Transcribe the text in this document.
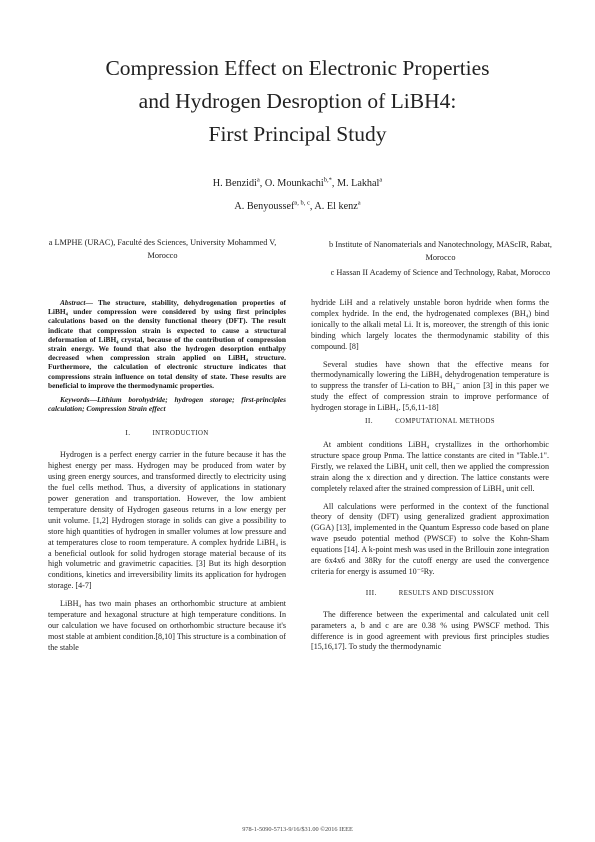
Compression Effect on Electronic Properties
and Hydrogen Desroption of LiBH4:
First Principal Study
H. Benzidi$^a$, O. Mounkachi$^{b,*}$, M. Lakhal$^a$
A. Benyoussef$^{a, b, c}$, A. El kenz$^a$
a LMPHE (URAC), Faculté des Sciences, University Mohammed V, Morocco
b Institute of Nanomaterials and Nanotechnology, MAScIR, Rabat, Morocco
c Hassan II Academy of Science and Technology, Rabat, Morocco

Abstract— The structure, stability, dehydrogenation properties of LiBH₄ under compression were considered by using first principles calculations based on the density functional theory (DFT). The result indicate that compression strain is expected to cause a structural deformation of LiBH₄ crystal, because of the contribution of compression strain energy. We found that also the hydrogen desorption enthalpy decreased when compression strain applied on LiBH₄ structure. Furthermore, the calculation of electronic structure indicates that compressions strain influence on total density of state. These results are beneficial to improve the thermodynamic properties.

Keywords—Lithium borohydride; hydrogen storage; first-principles calculation; Compression Strain effect

I.	INTRODUCTION

Hydrogen is a perfect energy carrier in the future because it has the highest energy per mass. Hydrogen may be produced from water by using green energy sources, and transformed directly to electricity using the fuel cells method. Thus, a diversity of applications in stationary power generation and transportation. However, the low ambient temperature density of Hydrogen gaseous returns in a low energy per unit volume. [1,2] Hydrogen storage in solids can give a possibility to store high quantities of hydrogen in smaller volumes at low pressure and at temperatures close to room temperature. A complex hydride LiBH₄ is a beneficial outlook for solid hydrogen storage material because of its high volumetric and gravimetric capacities. [3] But its high desorption conditions, kinetics and irreversibility limits its application for hydrogen storage. [4-7]

LiBH₄ has two main phases an orthorhombic structure at ambient temperature and hexagonal structure at high temperature conditions. In our calculation we have focused on orthorhombic structure because it's most stable at ambient condition.[8,10] This structure is a combination of the stable

hydride LiH and a relatively unstable boron hydride when forms the complex hydride. In the end, the hydrogenated complexes (BH₄) bind ionically to the alkali metal Li. It is, moreover, the strength of this ionic binding which largely locates the thermodynamic stability of this compound. [8]

Several studies have shown that the effective means for thermodynamically lowering the LiBH₄ dehydrogenation temperature is to suppress the transfer of Li-cation to BH₄⁻ anion [3] in this paper we study the effect of compression strain to improve performance of hydrogen storage in LiBH₄. [5,6,11-18]

II.	COMPUTATIONAL METHODS

At ambient conditions LiBH₄ crystallizes in the orthorhombic structure space group Pnma. The lattice constants are cited in "Table.1". Firstly, we relaxed the LiBH₄ unit cell, then we applied the compression strain along the x direction and y direction. The lattice constants were completely relaxed after the strained compression of LiBH₄ unit cell.

All calculations were performed in the context of the functional theory of density (DFT) using generalized gradient approximation (GGA) [13], implemented in the Quantum Espresso code based on plane wave pseudo potential method (PWSCF) to solve the Kohn-Sham equations [14]. A k-point mesh was used in the Brillouin zone integration are 6x4x6 and 38Ry for the cutoff energy are used the convergence criteria for energy is assumed 10⁻⁵Ry.

III.	RESULTS AND DISCUSSION

The difference between the experimental and calculated unit cell parameters a, b and c are are 0.38 % using PWSCF method. This difference is in good agreement with previous first principles studies [15,16,17]. To study the thermodynamic

978-1-5090-5713-9/16/$31.00 ©2016 IEEE
